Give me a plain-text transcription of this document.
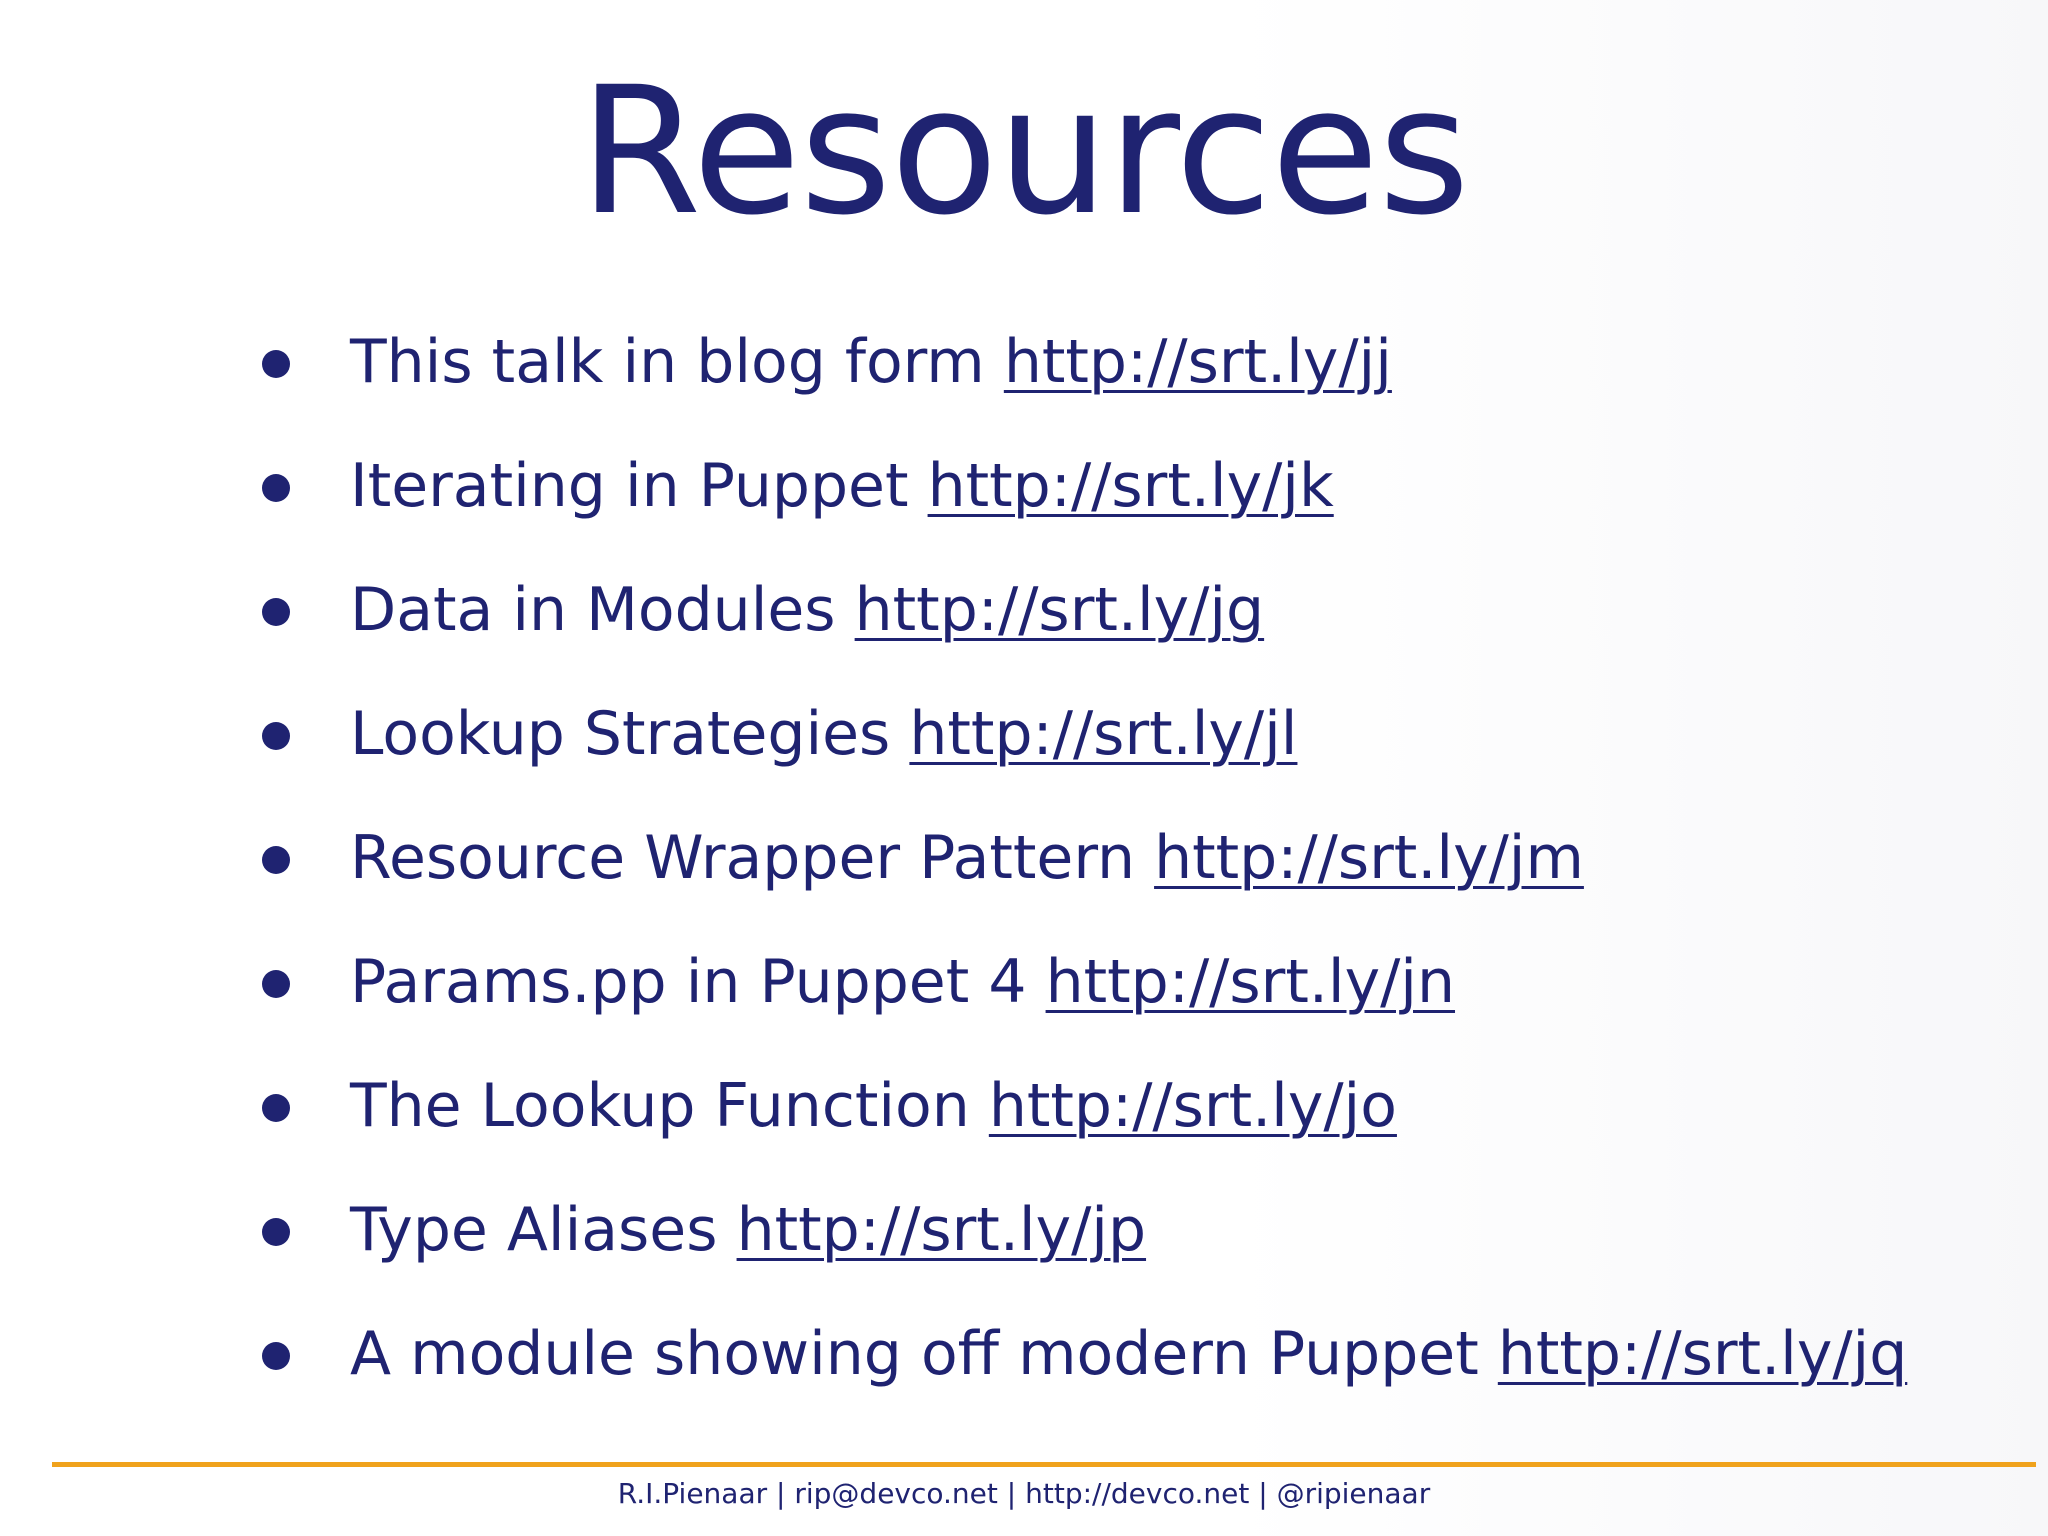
Resources
This talk in blog form http://srt.ly/jj
Iterating in Puppet http://srt.ly/jk
Data in Modules http://srt.ly/jg
Lookup Strategies http://srt.ly/jl
Resource Wrapper Pattern http://srt.ly/jm
Params.pp in Puppet 4 http://srt.ly/jn
The Lookup Function http://srt.ly/jo
Type Aliases http://srt.ly/jp
A module showing off modern Puppet http://srt.ly/jq
R.I.Pienaar | rip@devco.net | http://devco.net | @ripienaar
